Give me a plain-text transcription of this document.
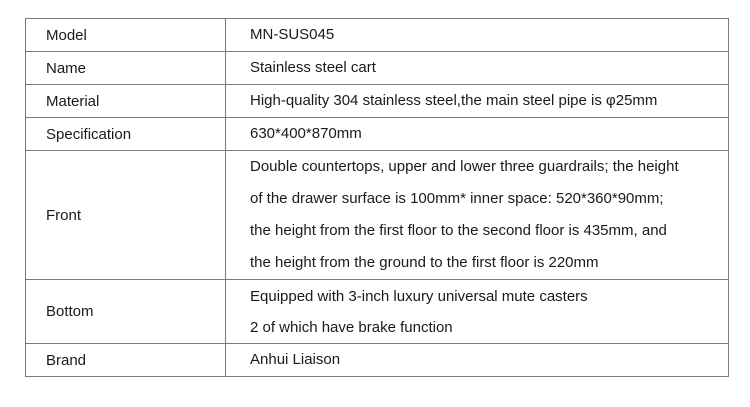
Model	MN-SUS045

Name	Stainless steel cart

Material	High-quality 304 stainless steel,the main steel pipe is φ25mm

Specification	630*400*870mm

Front	Double countertops, upper and lower three guardrails; the height
of the drawer surface is 100mm* inner space: 520*360*90mm;
the height from the first floor to the second floor is 435mm, and
the height from the ground to the first floor is 220mm

Bottom	Equipped with 3-inch luxury universal mute casters
2 of which have brake function

Brand	Anhui Liaison
